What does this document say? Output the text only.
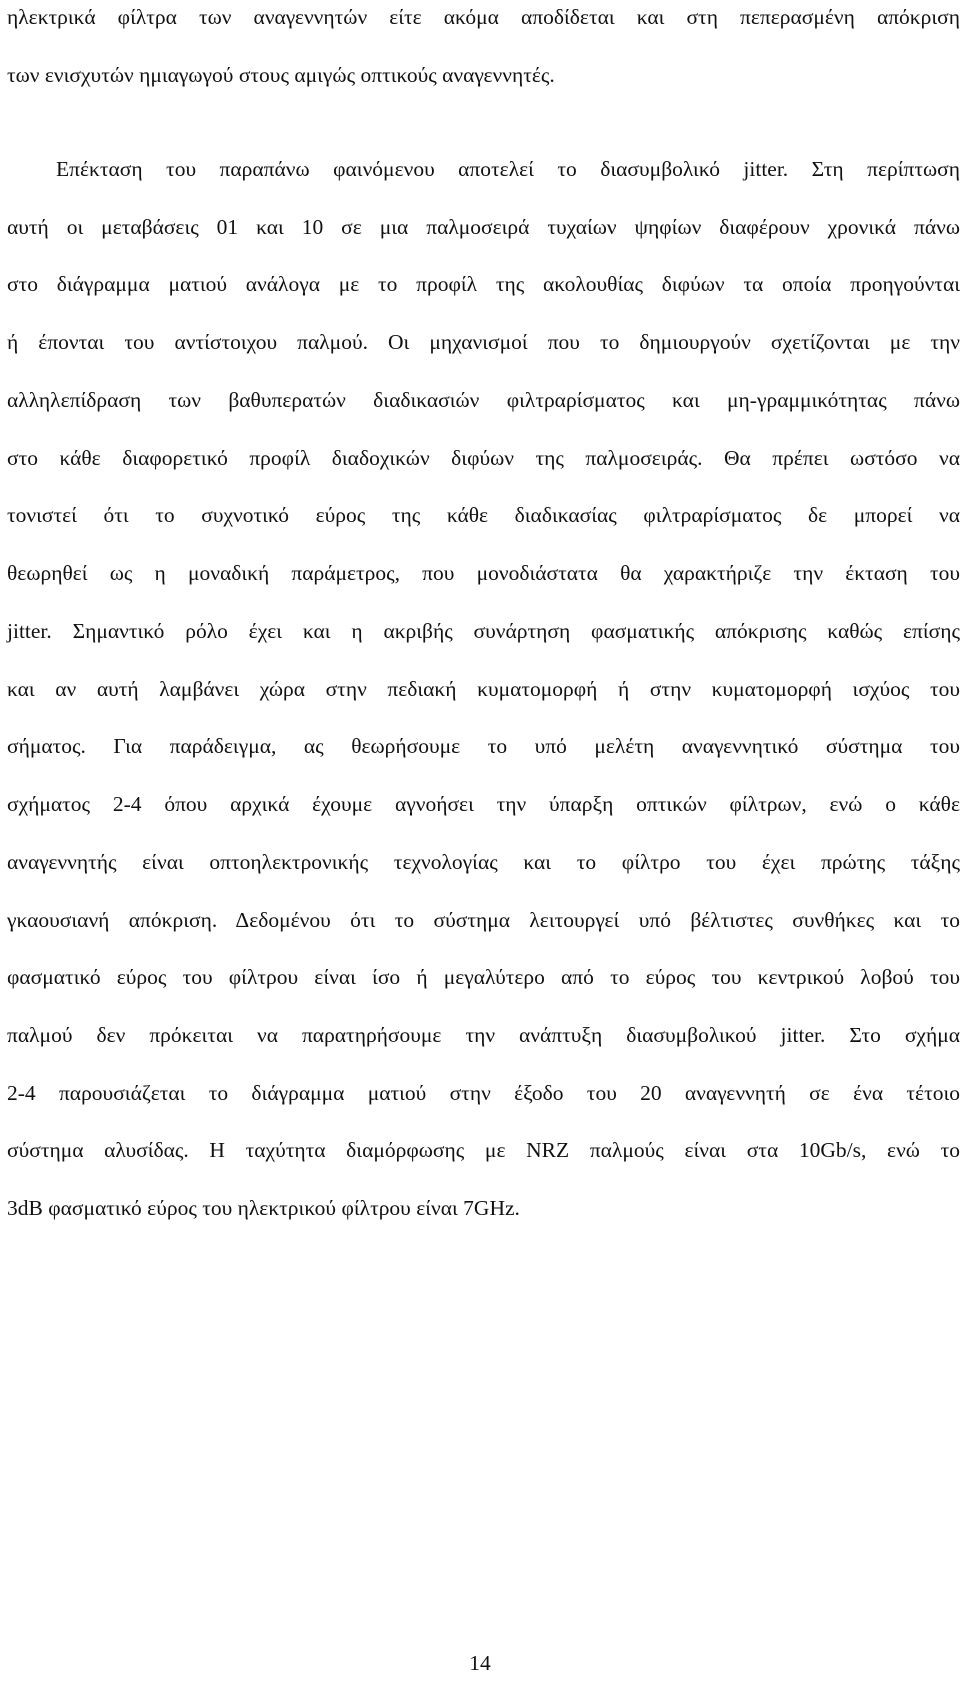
ηλεκτρικά φίλτρα των αναγεννητών είτε ακόμα αποδίδεται και στη πεπερασμένη απόκριση
των ενισχυτών ημιαγωγού στους αμιγώς οπτικούς αναγεννητές.
Επέκταση του παραπάνω φαινόμενου αποτελεί το διασυμβολικό jitter. Στη περίπτωση
αυτή οι μεταβάσεις 01 και 10 σε μια παλμοσειρά τυχαίων ψηφίων διαφέρουν χρονικά πάνω
στο διάγραμμα ματιού ανάλογα με το προφίλ της ακολουθίας διφύων τα οποία προηγούνται
ή έπονται του αντίστοιχου παλμού. Οι μηχανισμοί που το δημιουργούν σχετίζονται με την
αλληλεπίδραση των βαθυπερατών διαδικασιών φιλτραρίσματος και μη-γραμμικότητας πάνω
στο κάθε διαφορετικό προφίλ διαδοχικών διφύων της παλμοσειράς. Θα πρέπει ωστόσο να
τονιστεί ότι το συχνοτικό εύρος της κάθε διαδικασίας φιλτραρίσματος δε μπορεί να
θεωρηθεί ως η μοναδική παράμετρος, που μονοδιάστατα θα χαρακτήριζε την έκταση του
jitter. Σημαντικό ρόλο έχει και η ακριβής συνάρτηση φασματικής απόκρισης καθώς επίσης
και αν αυτή λαμβάνει χώρα στην πεδιακή κυματομορφή ή στην κυματομορφή ισχύος του
σήματος. Για παράδειγμα, ας θεωρήσουμε το υπό μελέτη αναγεννητικό σύστημα του
σχήματος 2-4 όπου αρχικά έχουμε αγνοήσει την ύπαρξη οπτικών φίλτρων, ενώ ο κάθε
αναγεννητής είναι οπτοηλεκτρονικής τεχνολογίας και το φίλτρο του έχει πρώτης τάξης
γκαουσιανή απόκριση. Δεδομένου ότι το σύστημα λειτουργεί υπό βέλτιστες συνθήκες και το
φασματικό εύρος του φίλτρου είναι ίσο ή μεγαλύτερο από το εύρος του κεντρικού λοβού του
παλμού δεν πρόκειται να παρατηρήσουμε την ανάπτυξη διασυμβολικού jitter. Στο σχήμα
2-4 παρουσιάζεται το διάγραμμα ματιού στην έξοδο του 20 αναγεννητή σε ένα τέτοιο
σύστημα αλυσίδας. Η ταχύτητα διαμόρφωσης με NRZ παλμούς είναι στα 10Gb/s, ενώ το
3dB φασματικό εύρος του ηλεκτρικού φίλτρου είναι 7GHz.
14
